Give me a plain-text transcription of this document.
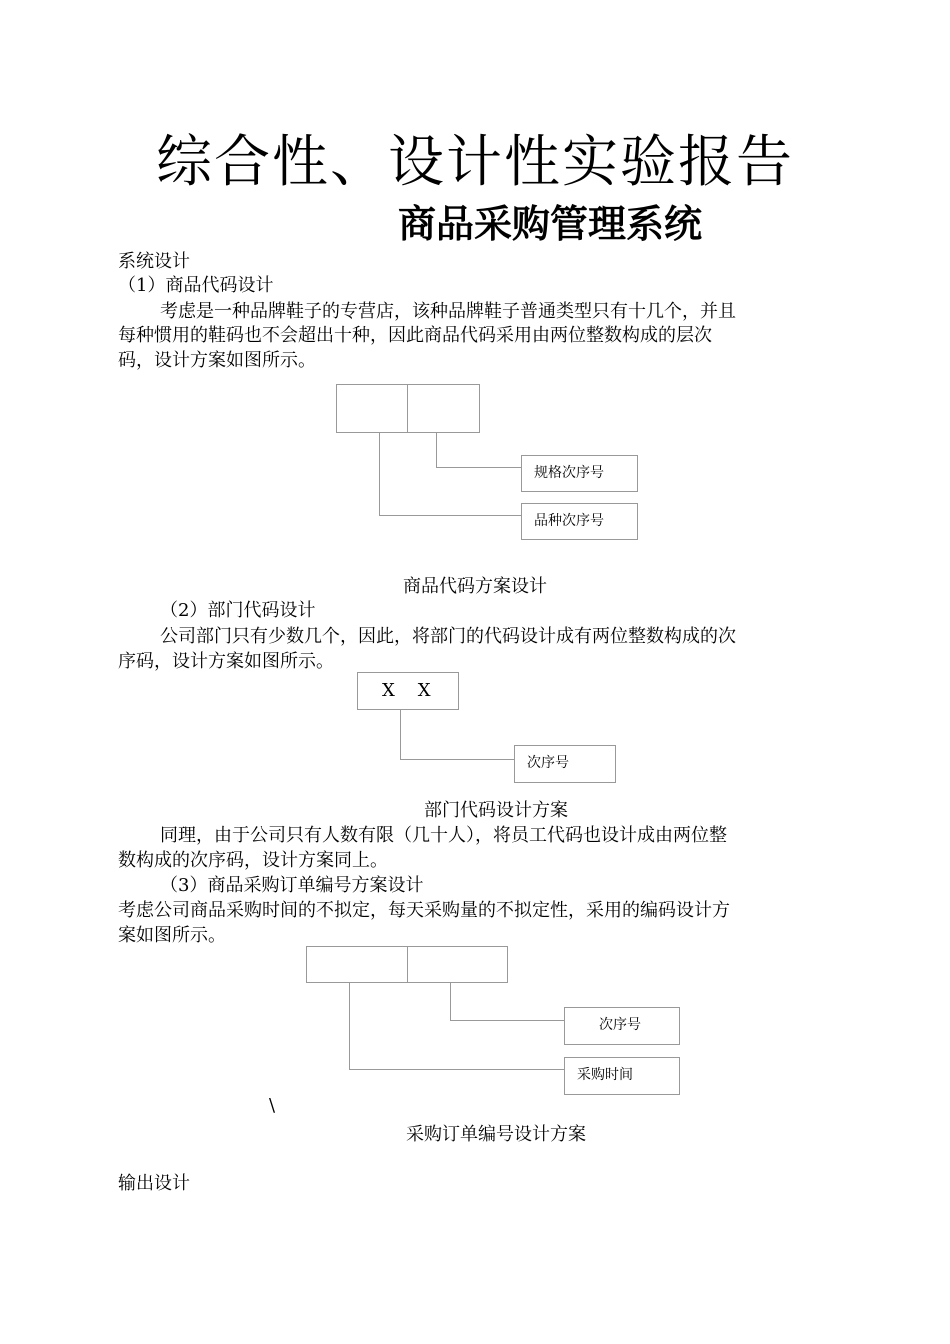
综合性、设计性实验报告
商品采购管理系统
系统设计
（1）商品代码设计
考虑是一种品牌鞋子的专营店，该种品牌鞋子普通类型只有十几个，并且
每种惯用的鞋码也不会超出十种，因此商品代码采用由两位整数构成的层次
码，设计方案如图所示。
规格次序号
品种次序号
商品代码方案设计
（2）部门代码设计
公司部门只有少数几个，因此，将部门的代码设计成有两位整数构成的次
序码，设计方案如图所示。
X    X
次序号
部门代码设计方案
同理，由于公司只有人数有限（几十人），将员工代码也设计成由两位整
数构成的次序码，设计方案同上。
（3）商品采购订单编号方案设计
考虑公司商品采购时间的不拟定，每天采购量的不拟定性，采用的编码设计方
案如图所示。
次序号
采购时间
\
采购订单编号设计方案
输出设计
